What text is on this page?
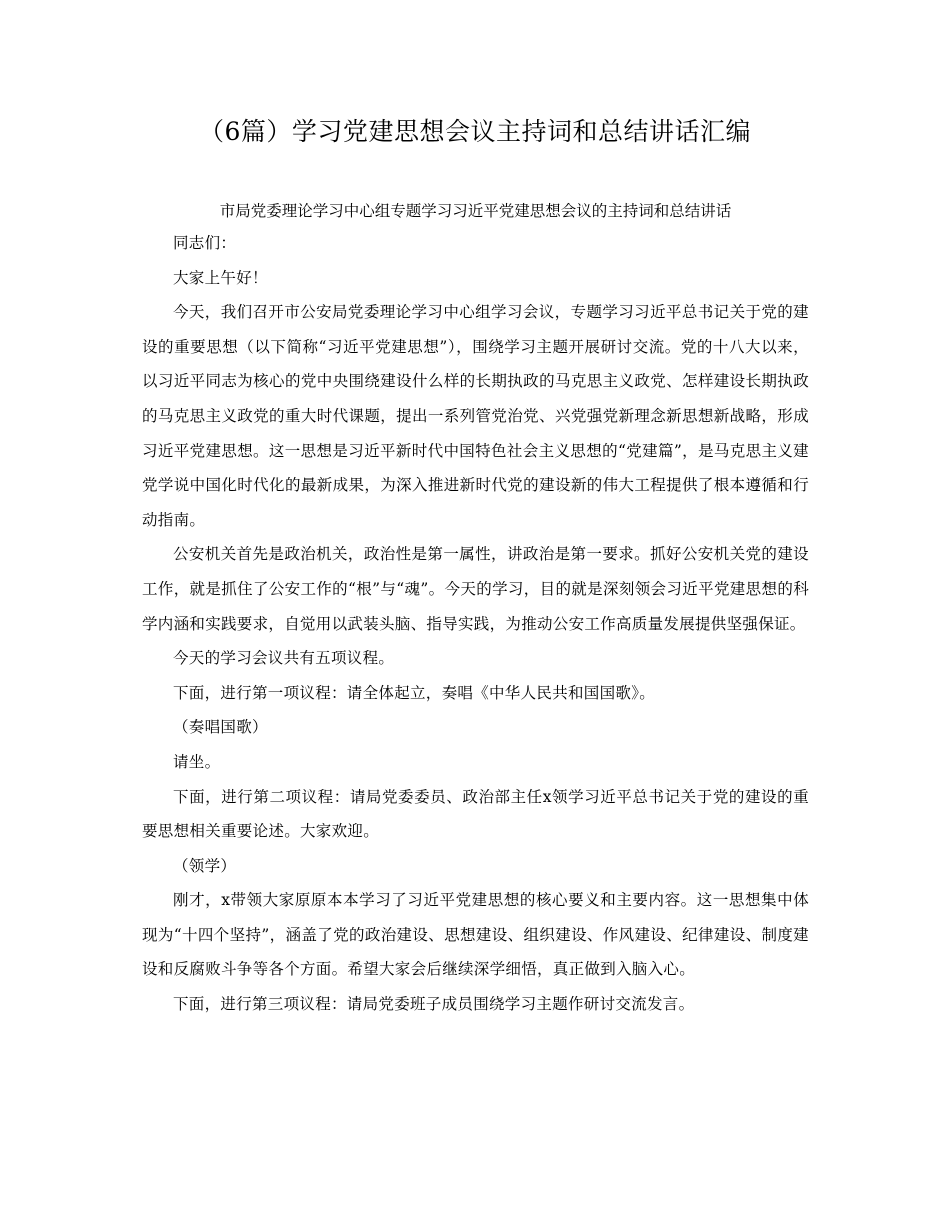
（6篇）学习党建思想会议主持词和总结讲话汇编

市局党委理论学习中心组专题学习习近平党建思想会议的主持词和总结讲话

同志们：

大家上午好！

今天，我们召开市公安局党委理论学习中心组学习会议，专题学习习近平总书记关于党的建设的重要思想（以下简称“习近平党建思想”），围绕学习主题开展研讨交流。党的十八大以来，以习近平同志为核心的党中央围绕建设什么样的长期执政的马克思主义政党、怎样建设长期执政的马克思主义政党的重大时代课题，提出一系列管党治党、兴党强党新理念新思想新战略，形成习近平党建思想。这一思想是习近平新时代中国特色社会主义思想的“党建篇”，是马克思主义建党学说中国化时代化的最新成果，为深入推进新时代党的建设新的伟大工程提供了根本遵循和行动指南。

公安机关首先是政治机关，政治性是第一属性，讲政治是第一要求。抓好公安机关党的建设工作，就是抓住了公安工作的“根”与“魂”。今天的学习，目的就是深刻领会习近平党建思想的科学内涵和实践要求，自觉用以武装头脑、指导实践，为推动公安工作高质量发展提供坚强保证。

今天的学习会议共有五项议程。

下面，进行第一项议程：请全体起立，奏唱《中华人民共和国国歌》。

（奏唱国歌）

请坐。

下面，进行第二项议程：请局党委委员、政治部主任x领学习近平总书记关于党的建设的重要思想相关重要论述。大家欢迎。

（领学）

刚才，x带领大家原原本本学习了习近平党建思想的核心要义和主要内容。这一思想集中体现为“十四个坚持”，涵盖了党的政治建设、思想建设、组织建设、作风建设、纪律建设、制度建设和反腐败斗争等各个方面。希望大家会后继续深学细悟，真正做到入脑入心。

下面，进行第三项议程：请局党委班子成员围绕学习主题作研讨交流发言。
